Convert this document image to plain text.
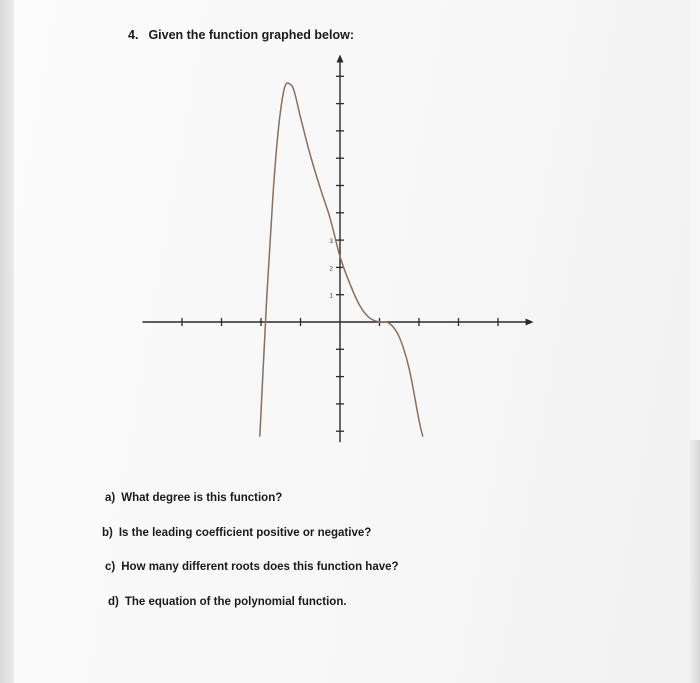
4. Given the function graphed below:
1
2
3
a) What degree is this function?
b) Is the leading coefficient positive or negative?
c) How many different roots does this function have?
d) The equation of the polynomial function.
